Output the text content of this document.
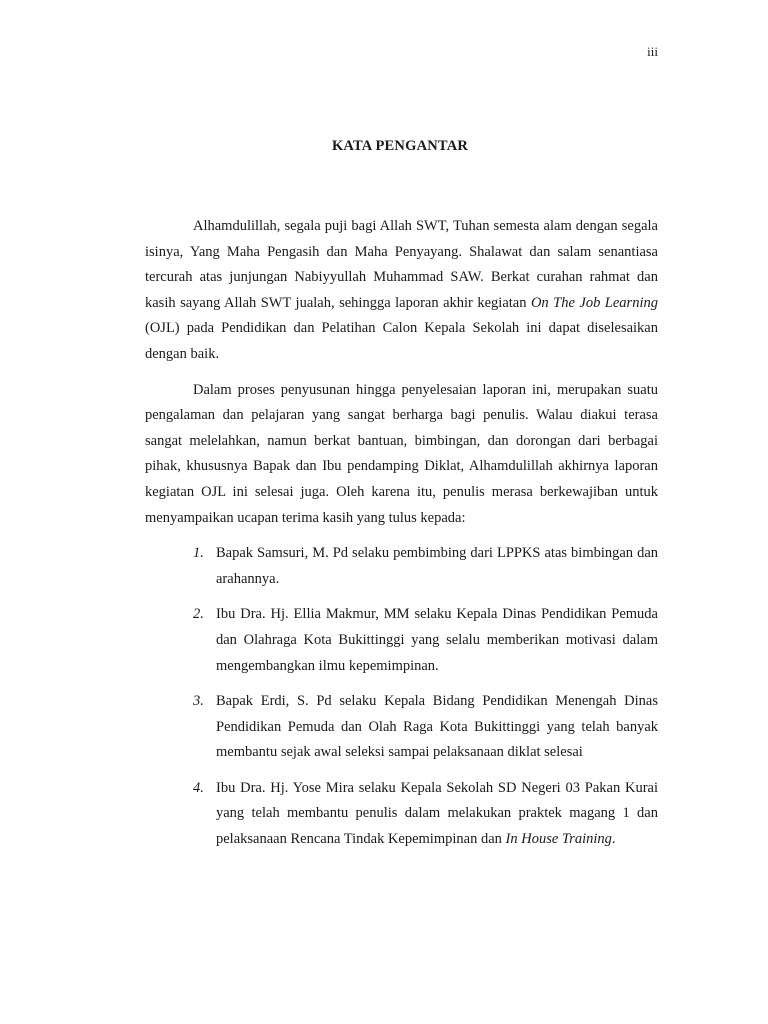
iii
KATA PENGANTAR

Alhamdulillah, segala puji bagi Allah SWT, Tuhan semesta alam dengan segala isinya, Yang Maha Pengasih dan Maha Penyayang. Shalawat dan salam senantiasa tercurah atas junjungan Nabiyyullah Muhammad SAW. Berkat curahan rahmat dan kasih sayang Allah SWT jualah, sehingga laporan akhir kegiatan On The Job Learning (OJL) pada Pendidikan dan Pelatihan Calon Kepala Sekolah ini dapat diselesaikan dengan baik.

Dalam proses penyusunan hingga penyelesaian laporan ini, merupakan suatu pengalaman dan pelajaran yang sangat berharga bagi penulis. Walau diakui terasa sangat melelahkan, namun berkat bantuan, bimbingan, dan dorongan dari berbagai pihak, khususnya Bapak dan Ibu pendamping Diklat, Alhamdulillah akhirnya laporan kegiatan OJL ini selesai juga. Oleh karena itu, penulis merasa berkewajiban untuk menyampaikan ucapan terima kasih yang tulus kepada:

1. Bapak Samsuri, M. Pd selaku pembimbing dari LPPKS atas bimbingan dan arahannya.
2. Ibu Dra. Hj. Ellia Makmur, MM selaku Kepala Dinas Pendidikan Pemuda dan Olahraga Kota Bukittinggi yang selalu memberikan motivasi dalam mengembangkan ilmu kepemimpinan.
3. Bapak Erdi, S. Pd selaku Kepala Bidang Pendidikan Menengah Dinas Pendidikan Pemuda dan Olah Raga Kota Bukittinggi yang telah banyak membantu sejak awal seleksi sampai pelaksanaan diklat selesai
4. Ibu Dra. Hj. Yose Mira selaku Kepala Sekolah SD Negeri 03 Pakan Kurai yang telah membantu penulis dalam melakukan praktek magang 1 dan pelaksanaan Rencana Tindak Kepemimpinan dan In House Training.
